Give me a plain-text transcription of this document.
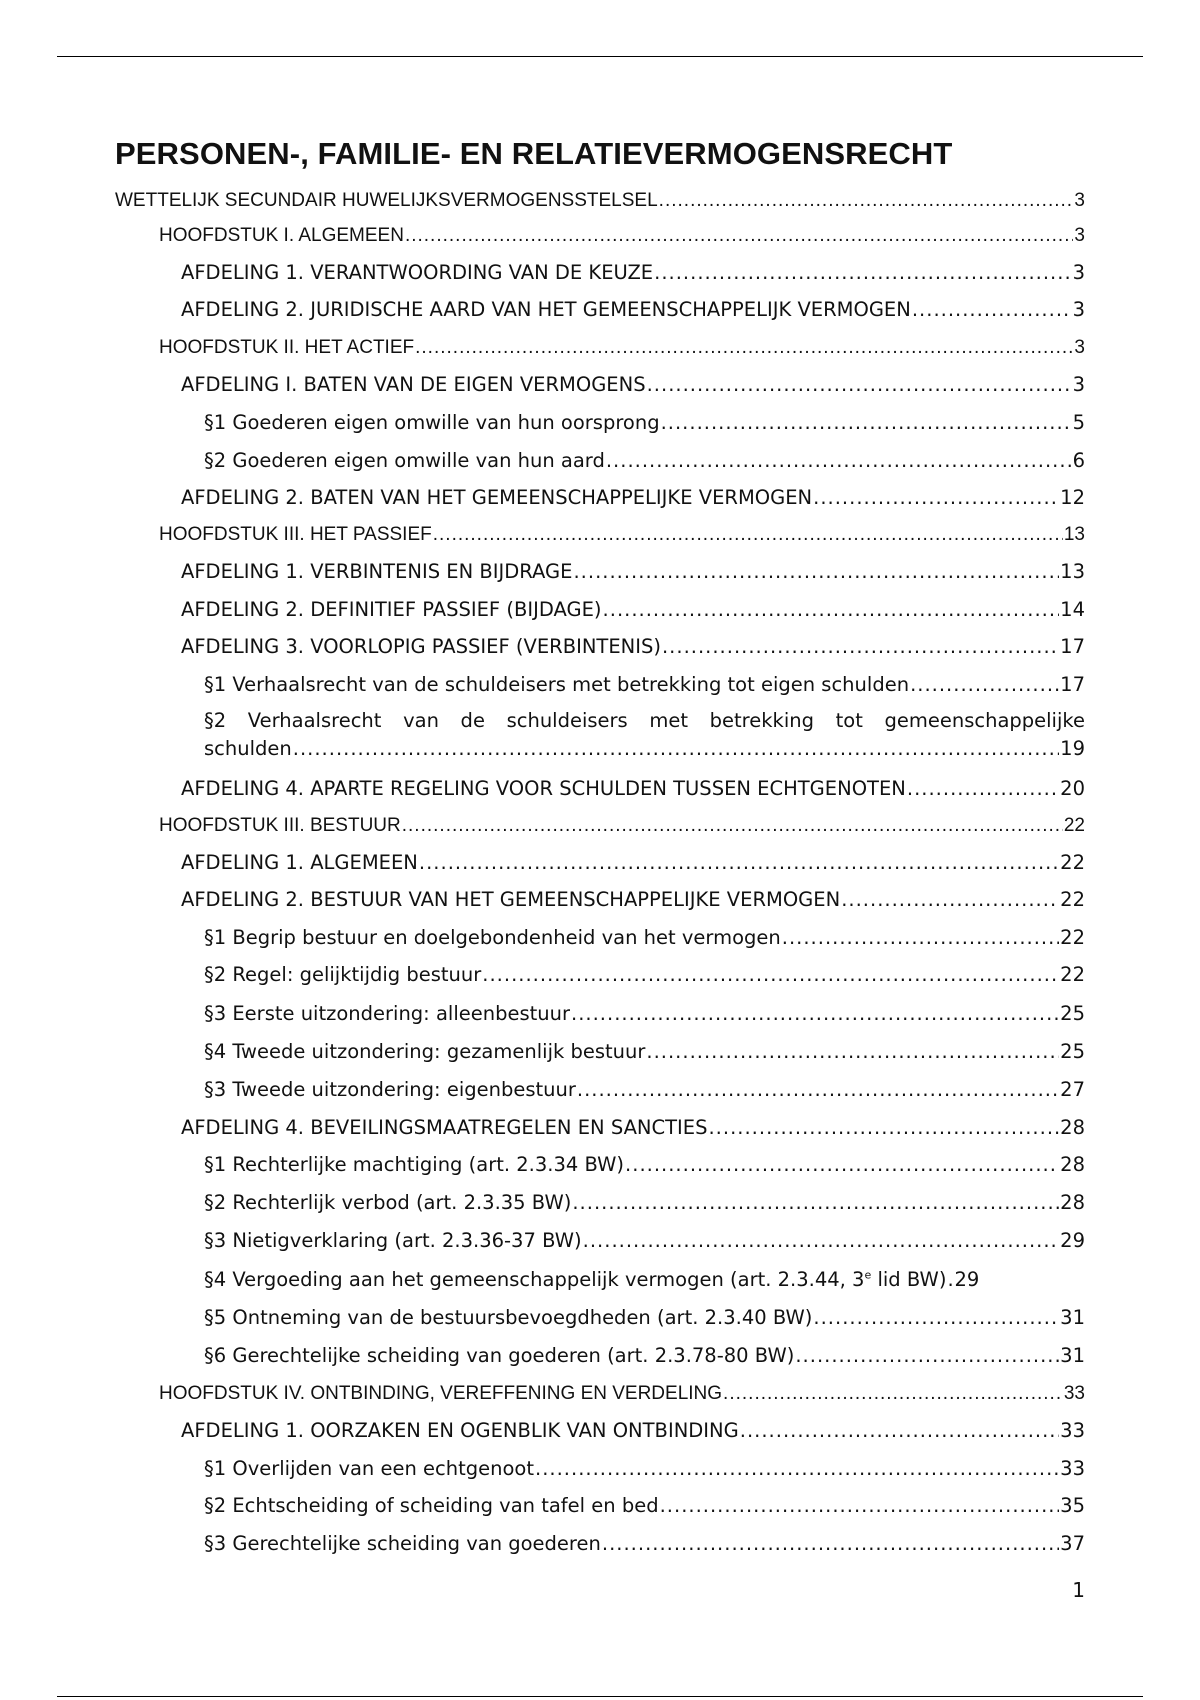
PERSONEN-, FAMILIE- EN RELATIEVERMOGENSRECHT
WETTELIJK SECUNDAIR HUWELIJKSVERMOGENSSTELSEL .....	3
HOOFDSTUK I. ALGEMEEN .....	3
AFDELING 1. VERANTWOORDING VAN DE KEUZE .....	3
AFDELING 2. JURIDISCHE AARD VAN HET GEMEENSCHAPPELIJK VERMOGEN .....	3
HOOFDSTUK II. HET ACTIEF .....	3
AFDELING I. BATEN VAN DE EIGEN VERMOGENS .....	3
§1 Goederen eigen omwille van hun oorsprong .....	5
§2 Goederen eigen omwille van hun aard .....	6
AFDELING 2. BATEN VAN HET GEMEENSCHAPPELIJKE VERMOGEN .....	12
HOOFDSTUK III. HET PASSIEF .....	13
AFDELING 1. VERBINTENIS EN BIJDRAGE .....	13
AFDELING 2. DEFINITIEF PASSIEF (BIJDAGE) .....	14
AFDELING 3. VOORLOPIG PASSIEF (VERBINTENIS) .....	17
§1 Verhaalsrecht van de schuldeisers met betrekking tot eigen schulden .....	17
§2 Verhaalsrecht van de schuldeisers met betrekking tot gemeenschappelijke
schulden .....	19
AFDELING 4. APARTE REGELING VOOR SCHULDEN TUSSEN ECHTGENOTEN .....	20
HOOFDSTUK III. BESTUUR .....	22
AFDELING 1. ALGEMEEN .....	22
AFDELING 2. BESTUUR VAN HET GEMEENSCHAPPELIJKE VERMOGEN .....	22
§1 Begrip bestuur en doelgebondenheid van het vermogen .....	22
§2 Regel: gelijktijdig bestuur .....	22
§3 Eerste uitzondering: alleenbestuur .....	25
§4 Tweede uitzondering: gezamenlijk bestuur .....	25
§3 Tweede uitzondering: eigenbestuur .....	27
AFDELING 4. BEVEILINGSMAATREGELEN EN SANCTIES .....	28
§1 Rechterlijke machtiging (art. 2.3.34 BW) .....	28
§2 Rechterlijk verbod (art. 2.3.35 BW) .....	28
§3 Nietigverklaring (art. 2.3.36-37 BW) .....	29
§4 Vergoeding aan het gemeenschappelijk vermogen (art. 2.3.44, 3e lid BW) ..... 29
§5 Ontneming van de bestuursbevoegdheden (art. 2.3.40 BW) .....	31
§6 Gerechtelijke scheiding van goederen (art. 2.3.78-80 BW) .....	31
HOOFDSTUK IV. ONTBINDING, VEREFFENING EN VERDELING .....	33
AFDELING 1. OORZAKEN EN OGENBLIK VAN ONTBINDING .....	33
§1 Overlijden van een echtgenoot .....	33
§2 Echtscheiding of scheiding van tafel en bed .....	35
§3 Gerechtelijke scheiding van goederen .....	37
1
